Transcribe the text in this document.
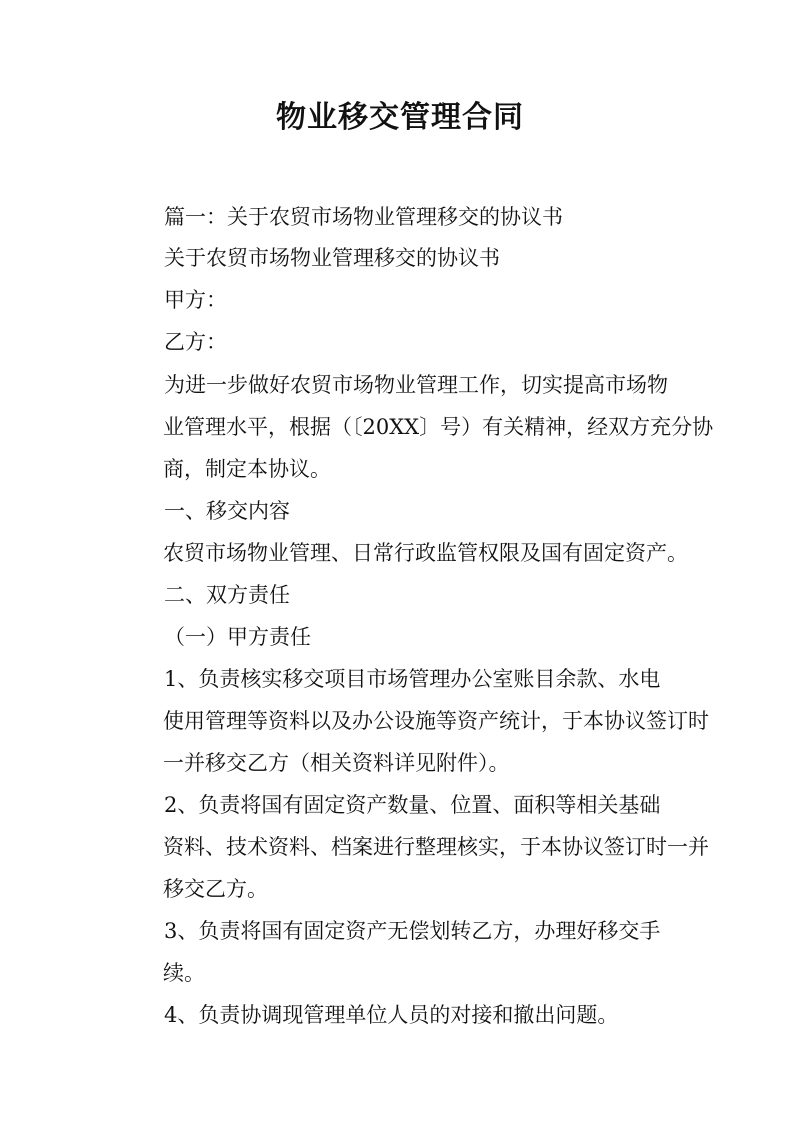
物业移交管理合同
篇一：关于农贸市场物业管理移交的协议书
关于农贸市场物业管理移交的协议书
甲方：
乙方：
为进一步做好农贸市场物业管理工作，切实提高市场物
业管理水平，根据（〔20XX〕号）有关精神，经双方充分协
商，制定本协议。
一、移交内容
农贸市场物业管理、日常行政监管权限及国有固定资产。
二、双方责任
（一）甲方责任
1、负责核实移交项目市场管理办公室账目余款、水电
使用管理等资料以及办公设施等资产统计，于本协议签订时
一并移交乙方（相关资料详见附件）。
2、负责将国有固定资产数量、位置、面积等相关基础
资料、技术资料、档案进行整理核实，于本协议签订时一并
移交乙方。
3、负责将国有固定资产无偿划转乙方，办理好移交手
续。
4、负责协调现管理单位人员的对接和撤出问题。
